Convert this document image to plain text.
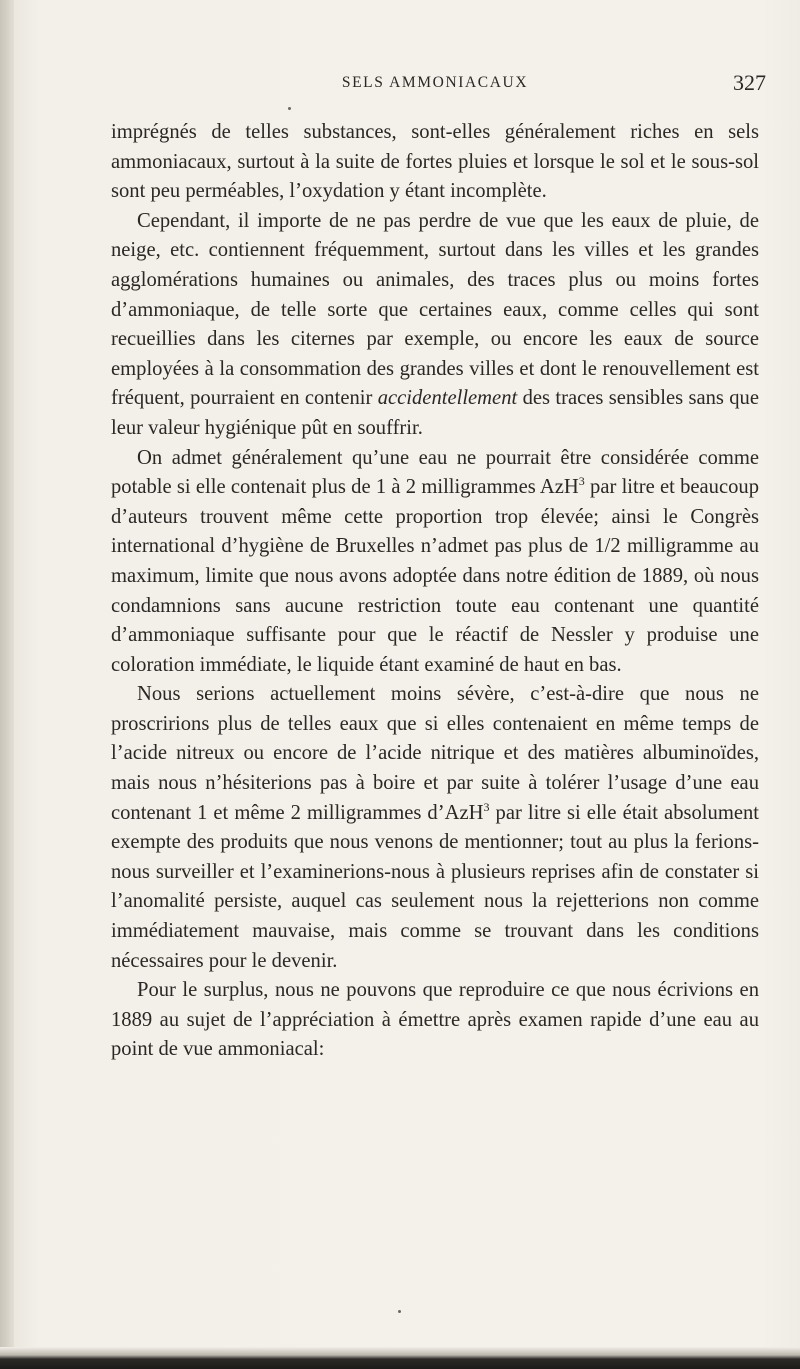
SELS AMMONIACAUX	327

imprégnés de telles substances, sont-elles généralement riches en sels ammoniacaux, surtout à la suite de fortes pluies et lorsque le sol et le sous-sol sont peu perméables, l’oxydation y étant incomplète.

Cependant, il importe de ne pas perdre de vue que les eaux de pluie, de neige, etc. contiennent fréquemment, surtout dans les villes et les grandes agglomérations humaines ou animales, des traces plus ou moins fortes d’ammoniaque, de telle sorte que certaines eaux, comme celles qui sont recueillies dans les citernes par exemple, ou encore les eaux de source employées à la consommation des grandes villes et dont le renouvellement est fréquent, pourraient en contenir accidentellement des traces sensibles sans que leur valeur hygiénique pût en souffrir.

On admet généralement qu’une eau ne pourrait être considérée comme potable si elle contenait plus de 1 à 2 milligrammes AzH$^3$ par litre et beaucoup d’auteurs trouvent même cette proportion trop élevée; ainsi le Congrès international d’hygiène de Bruxelles n’admet pas plus de 1/2 milligramme au maximum, limite que nous avons adoptée dans notre édition de 1889, où nous condamnions sans aucune restriction toute eau contenant une quantité d’ammoniaque suffisante pour que le réactif de Nessler y produise une coloration immédiate, le liquide étant examiné de haut en bas.

Nous serions actuellement moins sévère, c’est-à-dire que nous ne proscririons plus de telles eaux que si elles contenaient en même temps de l’acide nitreux ou encore de l’acide nitrique et des matières albuminoïdes, mais nous n’hésiterions pas à boire et par suite à tolérer l’usage d’une eau contenant 1 et même 2 milligrammes d’AzH$^3$ par litre si elle était absolument exempte des produits que nous venons de mentionner; tout au plus la ferions-nous surveiller et l’examinerions-nous à plusieurs reprises afin de constater si l’anomalité persiste, auquel cas seulement nous la rejetterions non comme immédiatement mauvaise, mais comme se trouvant dans les conditions nécessaires pour le devenir.

Pour le surplus, nous ne pouvons que reproduire ce que nous écrivions en 1889 au sujet de l’appréciation à émettre après examen rapide d’une eau au point de vue ammoniacal:
